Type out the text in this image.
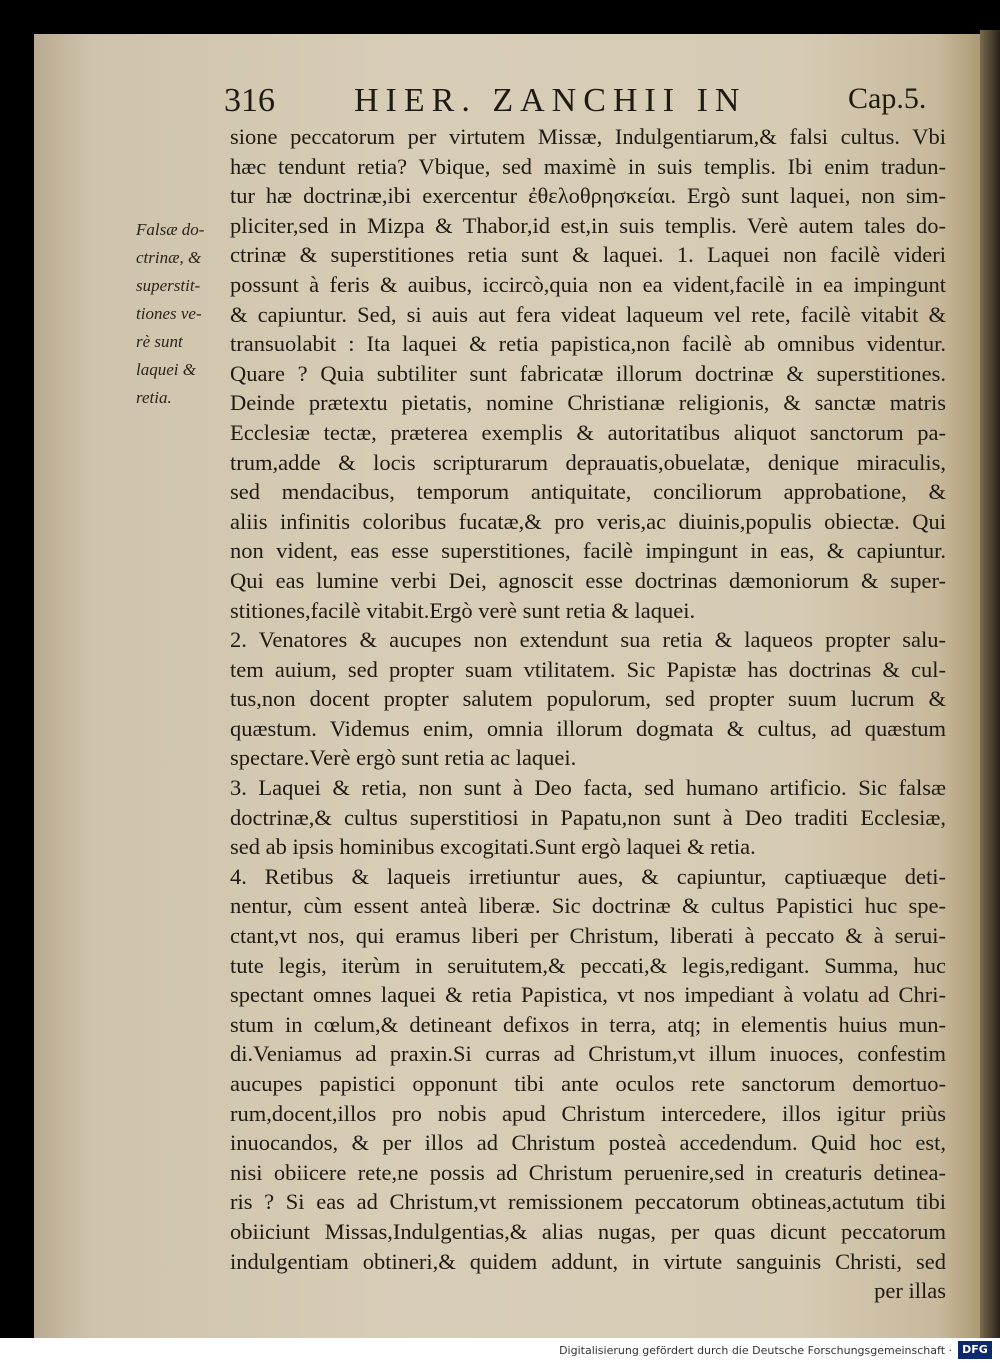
316 HIER. ZANCHII IN	Cap.5.
Falsæ do-
ctrinæ, &
superstit-
tiones ve-
rè sunt
laquei &
retia.
sione peccatorum per virtutem Missæ, Indulgentiarum,& falsi cultus. Vbi
hæc tendunt retia? Vbique, sed maximè in suis templis. Ibi enim tradun-
tur hæ doctrinæ,ibi exercentur ἐθελοθρησκείαι. Ergò sunt laquei, non sim-
pliciter,sed in Mizpa & Thabor,id est,in suis templis. Verè autem tales do-
ctrinæ & superstitiones retia sunt & laquei. 1. Laquei non facilè videri
possunt à feris & auibus, iccircò,quia non ea vident,facilè in ea impingunt
& capiuntur. Sed, si auis aut fera videat laqueum vel rete, facilè vitabit &
transuolabit : Ita laquei & retia papistica,non facilè ab omnibus videntur.
Quare ? Quia subtiliter sunt fabricatæ illorum doctrinæ & superstitiones.
Deinde prætextu pietatis, nomine Christianæ religionis, & sanctæ matris
Ecclesiæ tectæ, præterea exemplis & autoritatibus aliquot sanctorum pa-
trum,adde & locis scripturarum deprauatis,obuelatæ, denique miraculis,
sed mendacibus, temporum antiquitate, conciliorum approbatione, &
aliis infinitis coloribus fucatæ,& pro veris,ac diuinis,populis obiectæ. Qui
non vident, eas esse superstitiones, facilè impingunt in eas, & capiuntur.
Qui eas lumine verbi Dei, agnoscit esse doctrinas dæmoniorum & super-
stitiones,facilè vitabit.Ergò verè sunt retia & laquei.
2. Venatores & aucupes non extendunt sua retia & laqueos propter salu-
tem auium, sed propter suam vtilitatem. Sic Papistæ has doctrinas & cul-
tus,non docent propter salutem populorum, sed propter suum lucrum &
quæstum. Videmus enim, omnia illorum dogmata & cultus, ad quæstum
spectare.Verè ergò sunt retia ac laquei.
3. Laquei & retia, non sunt à Deo facta, sed humano artificio. Sic falsæ
doctrinæ,& cultus superstitiosi in Papatu,non sunt à Deo traditi Ecclesiæ,
sed ab ipsis hominibus excogitati.Sunt ergò laquei & retia.
4. Retibus & laqueis irretiuntur aues, & capiuntur, captiuæque deti-
nentur, cùm essent anteà liberæ. Sic doctrinæ & cultus Papistici huc spe-
ctant,vt nos, qui eramus liberi per Christum, liberati à peccato & à serui-
tute legis, iterùm in seruitutem,& peccati,& legis,redigant. Summa, huc
spectant omnes laquei & retia Papistica, vt nos impediant à volatu ad Chri-
stum in cœlum,& detineant defixos in terra, atq; in elementis huius mun-
di.Veniamus ad praxin.Si curras ad Christum,vt illum inuoces, confestim
aucupes papistici opponunt tibi ante oculos rete sanctorum demortuo-
rum,docent,illos pro nobis apud Christum intercedere, illos igitur priùs
inuocandos, & per illos ad Christum posteà accedendum. Quid hoc est,
nisi obiicere rete,ne possis ad Christum peruenire,sed in creaturis detinea-
ris ? Si eas ad Christum,vt remissionem peccatorum obtineas,actutum tibi
obiiciunt Missas,Indulgentias,& alias nugas, per quas dicunt peccatorum
indulgentiam obtineri,& quidem addunt, in virtute sanguinis Christi, sed
per illas
Digitalisierung gefördert durch die Deutsche Forschungsgemeinschaft · DFG
